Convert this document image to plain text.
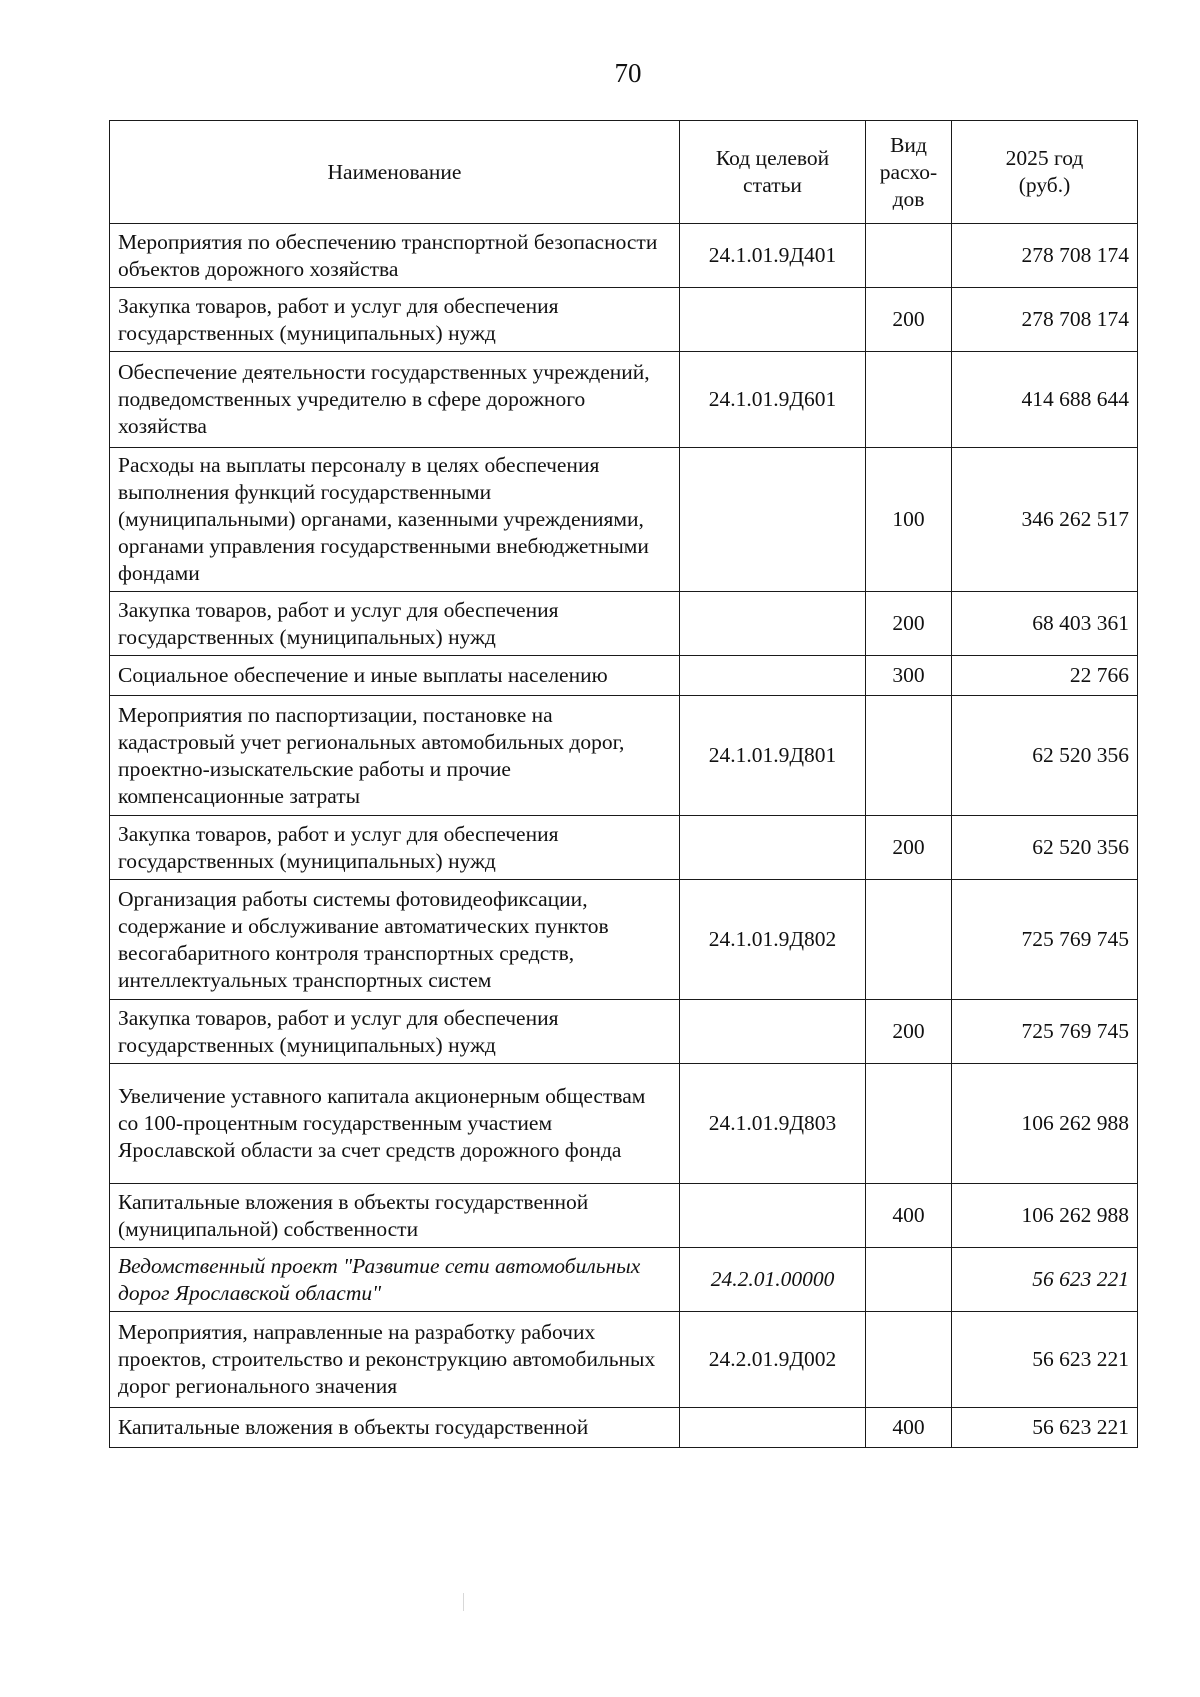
70
Наименование	Код целевой статьи	Вид расхо- дов	2025 год (руб.)
Мероприятия по обеспечению транспортной безопасности объектов дорожного хозяйства	24.1.01.9Д401		278 708 174
Закупка товаров, работ и услуг для обеспечения государственных (муниципальных) нужд		200	278 708 174
Обеспечение деятельности государственных учреждений, подведомственных учредителю в сфере дорожного хозяйства	24.1.01.9Д601		414 688 644
Расходы на выплаты персоналу в целях обеспечения выполнения функций государственными (муниципальными) органами, казенными учреждениями, органами управления государственными внебюджетными фондами		100	346 262 517
Закупка товаров, работ и услуг для обеспечения государственных (муниципальных) нужд		200	68 403 361
Социальное обеспечение и иные выплаты населению		300	22 766
Мероприятия по паспортизации, постановке на кадастровый учет региональных автомобильных дорог, проектно-изыскательские работы и прочие компенсационные затраты	24.1.01.9Д801		62 520 356
Закупка товаров, работ и услуг для обеспечения государственных (муниципальных) нужд		200	62 520 356
Организация работы системы фотовидеофиксации, содержание и обслуживание автоматических пунктов весогабаритного контроля транспортных средств, интеллектуальных транспортных систем	24.1.01.9Д802		725 769 745
Закупка товаров, работ и услуг для обеспечения государственных (муниципальных) нужд		200	725 769 745
Увеличение уставного капитала акционерным обществам со 100-процентным государственным участием Ярославской области за счет средств дорожного фонда	24.1.01.9Д803		106 262 988
Капитальные вложения в объекты государственной (муниципальной) собственности		400	106 262 988
Ведомственный проект "Развитие сети автомобильных дорог Ярославской области"	24.2.01.00000		56 623 221
Мероприятия, направленные на разработку рабочих проектов, строительство и реконструкцию автомобильных дорог регионального значения	24.2.01.9Д002		56 623 221
Капитальные вложения в объекты государственной		400	56 623 221
